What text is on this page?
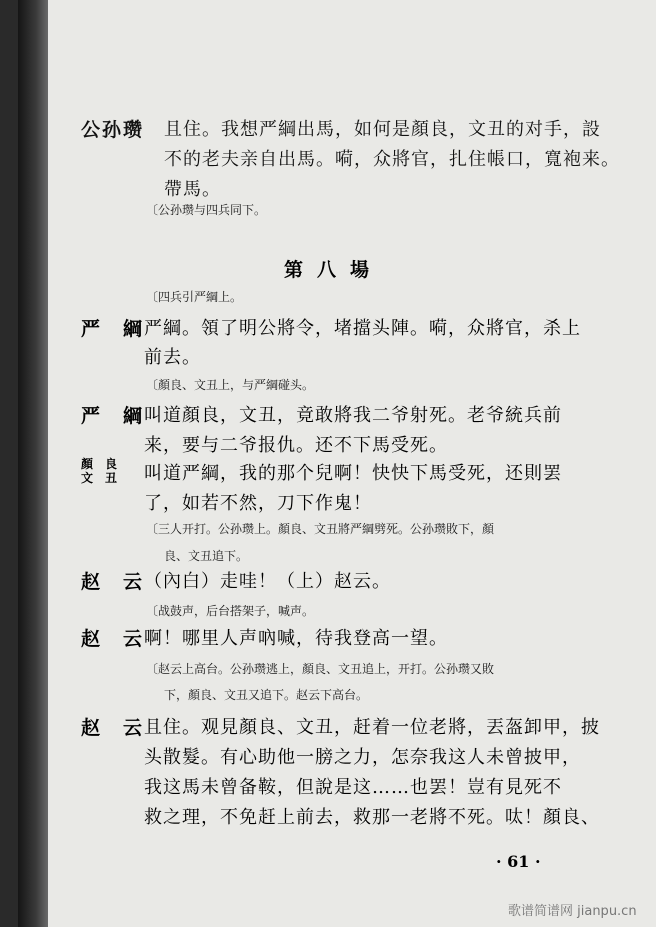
公孙瓒 且住。我想严綱出馬，如何是顏良，文丑的对手，設
不的老夫亲自出馬。嗬，众將官，扎住帳口，寬袍来。
帶馬。
〔公孙瓒与四兵同下。
第八場
〔四兵引严綱上。
严　綱 严綱。領了明公將令，堵擋头陣。嗬，众將官，杀上
前去。
〔顏良、文丑上，与严綱碰头。
严　綱 叫道顏良，文丑，竟敢將我二爷射死。老爷統兵前
来，要与二爷报仇。还不下馬受死。
顏　良
文　丑 叫道严綱，我的那个兒啊！快快下馬受死，还則罢
了，如若不然，刀下作鬼！
〔三人开打。公孙瓒上。顏良、文丑將严綱劈死。公孙瓒敗下，顏
良、文丑追下。
赵　云 （內白）走哇！（上）赵云。
〔战鼓声，后台搭架子，喊声。
赵　云 啊！哪里人声吶喊，待我登高一望。
〔赵云上高台。公孙瓒逃上，顏良、文丑追上，开打。公孙瓒又敗
下，顏良、文丑又追下。赵云下高台。
赵　云 且住。观見顏良、文丑，赶着一位老將，丟盔卸甲，披
头散髮。有心助他一膀之力，怎奈我这人未曾披甲，
我这馬未曾备鞍，但說是这……也罢！豈有見死不
救之理，不免赶上前去，救那一老將不死。呔！顏良、
· 61 ·
歌谱简谱网 jianpu.cn
